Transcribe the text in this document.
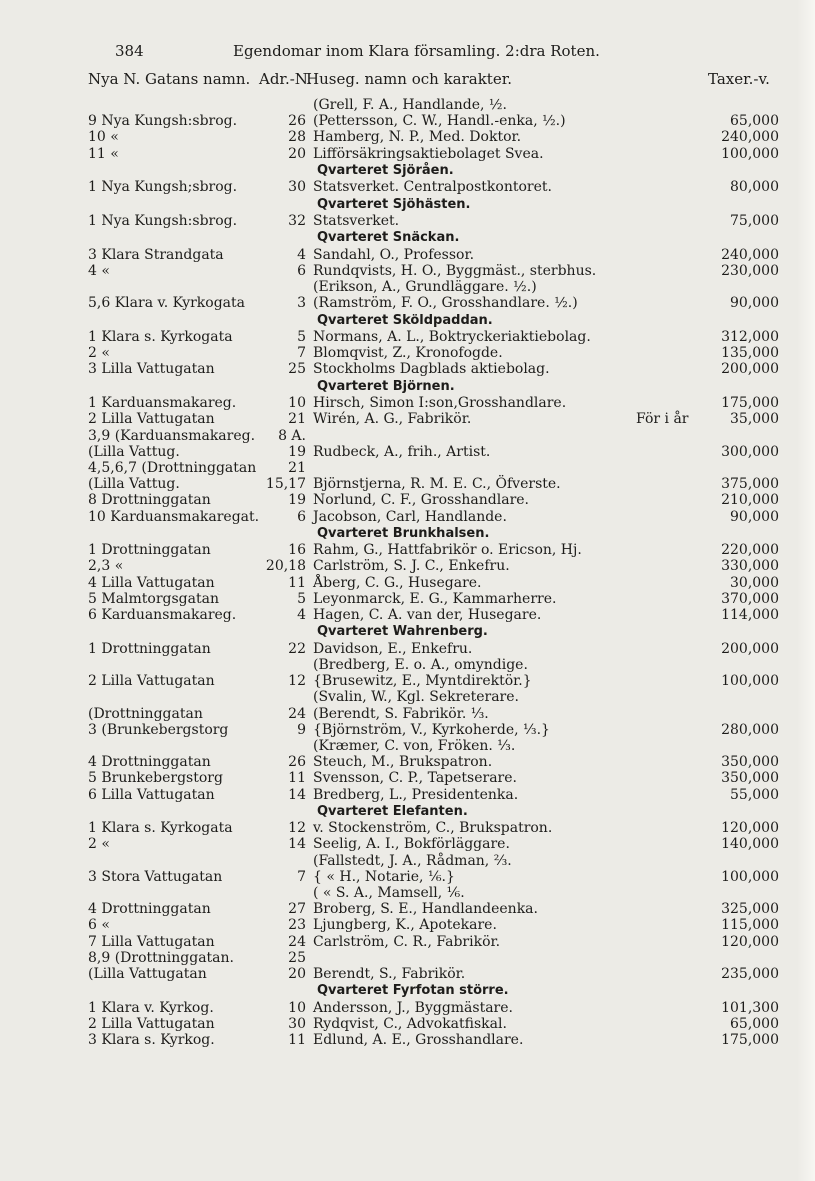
384	Egendomar inom Klara församling. 2:dra Roten.
Nya N. Gatans namn. Adr.-N.
Huseg. namn och karakter.	Taxer.-v.
(Grell, F. A., Handlande, ½.
9 Nya Kungsh:sbrog.	26 (Pettersson, C. W., Handl.-enka, ½.)	65,000
10 «	28 Hamberg, N. P., Med. Doktor.	240,000
11 «	20 Lifförsäkringsaktiebolaget Svea.	100,000
Qvarteret Sjöråen.
1 Nya Kungsh;sbrog.	30 Statsverket. Centralpostkontoret.	80,000
Qvarteret Sjöhästen.
1 Nya Kungsh:sbrog.	32 Statsverket.	75,000
Qvarteret Snäckan.
3 Klara Strandgata	4 Sandahl, O., Professor.	240,000
4 «	6 Rundqvists, H. O., Byggmäst., sterbhus.	230,000
(Erikson, A., Grundläggare. ½.)
5,6 Klara v. Kyrkogata	3 (Ramström, F. O., Grosshandlare. ½.)	90,000
Qvarteret Sköldpaddan.
1 Klara s. Kyrkogata	5 Normans, A. L., Boktryckeriaktiebolag.	312,000
2 «	7 Blomqvist, Z., Kronofogde.	135,000
3 Lilla Vattugatan	25 Stockholms Dagblads aktiebolag.	200,000
Qvarteret Björnen.
1 Karduansmakareg.	10 Hirsch, Simon I:son,Grosshandlare.	175,000
2 Lilla Vattugatan	21 Wirén, A. G., Fabrikör.	För i år	35,000
3,9 (Karduansmakareg.	8 A.
(Lilla Vattug.	19 Rudbeck, A., frih., Artist.	300,000
4,5,6,7 (Drottninggatan	21
(Lilla Vattug.	15,17 Björnstjerna, R. M. E. C., Öfverste.	375,000
8 Drottninggatan	19 Norlund, C. F., Grosshandlare.	210,000
10 Karduansmakaregat.	6 Jacobson, Carl, Handlande.	90,000
Qvarteret Brunkhalsen.
1 Drottninggatan	16 Rahm, G., Hattfabrikör o. Ericson, Hj.	220,000
2,3 «	20,18 Carlström, S. J. C., Enkefru.	330,000
4 Lilla Vattugatan	11 Åberg, C. G., Husegare.	30,000
5 Malmtorgsgatan	5 Leyonmarck, E. G., Kammarherre.	370,000
6 Karduansmakareg.	4 Hagen, C. A. van der, Husegare.	114,000
Qvarteret Wahrenberg.
1 Drottninggatan	22 Davidson, E., Enkefru.	200,000
(Bredberg, E. o. A., omyndige.
2 Lilla Vattugatan	12 {Brusewitz, E., Myntdirektör.}	100,000
(Svalin, W., Kgl. Sekreterare.
(Drottninggatan	24 (Berendt, S. Fabrikör. ⅓.
3 (Brunkebergstorg	9 {Björnström, V., Kyrkoherde, ⅓.}	280,000
(Kræmer, C. von, Fröken. ⅓.
4 Drottninggatan	26 Steuch, M., Brukspatron.	350,000
5 Brunkebergstorg	11 Svensson, C. P., Tapetserare.	350,000
6 Lilla Vattugatan	14 Bredberg, L., Presidentenka.	55,000
Qvarteret Elefanten.
1 Klara s. Kyrkogata	12 v. Stockenström, C., Brukspatron.	120,000
2 «	14 Seelig, A. I., Bokförläggare.	140,000
(Fallstedt, J. A., Rådman, ⅔.
3 Stora Vattugatan	7 { « H., Notarie, ⅙.}	100,000
( « S. A., Mamsell, ⅙.
4 Drottninggatan	27 Broberg, S. E., Handlandeenka.	325,000
6 «	23 Ljungberg, K., Apotekare.	115,000
7 Lilla Vattugatan	24 Carlström, C. R., Fabrikör.	120,000
8,9 (Drottninggatan.	25
(Lilla Vattugatan	20 Berendt, S., Fabrikör.	235,000
Qvarteret Fyrfotan större.
1 Klara v. Kyrkog.	10 Andersson, J., Byggmästare.	101,300
2 Lilla Vattugatan	30 Rydqvist, C., Advokatfiskal.	65,000
3 Klara s. Kyrkog.	11 Edlund, A. E., Grosshandlare.	175,000
